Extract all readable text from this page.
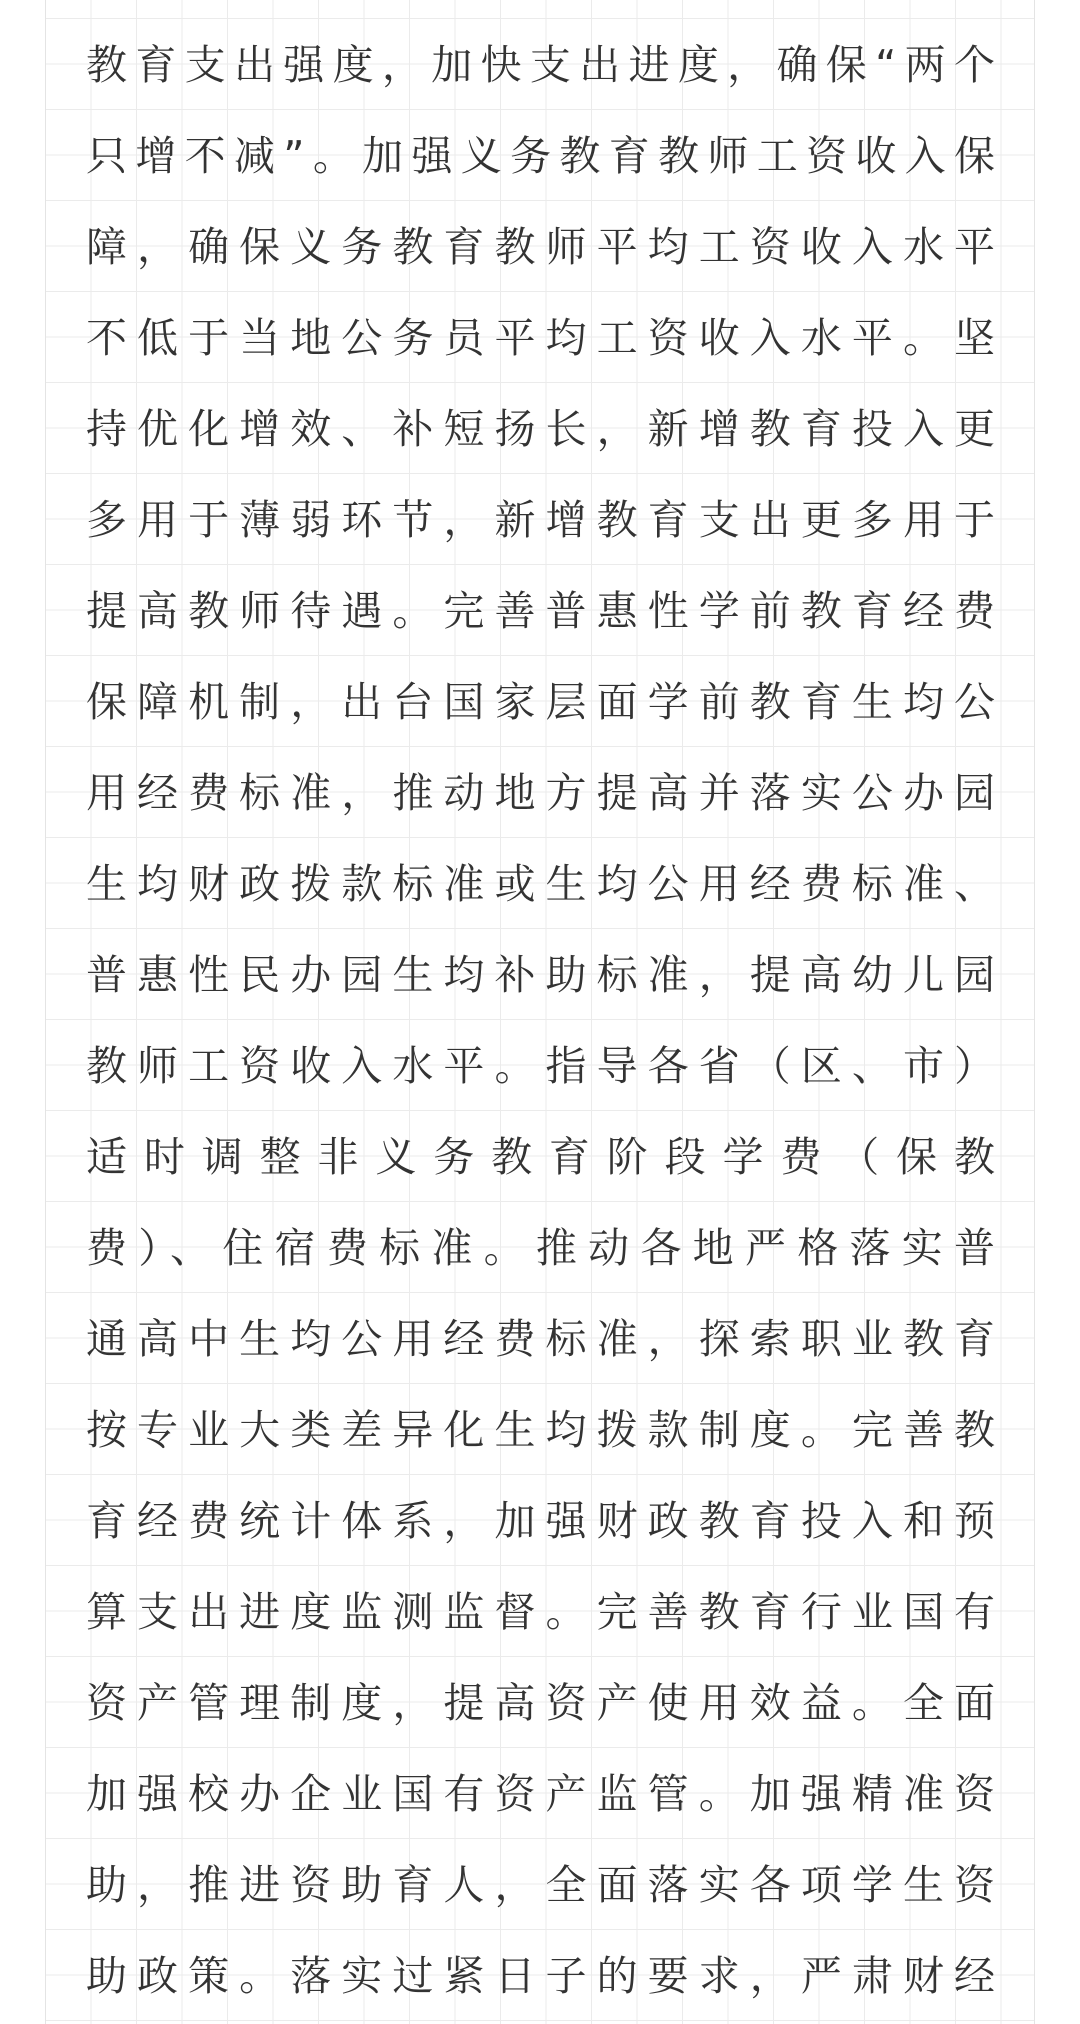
教育支出强度，加快支出进度，确保“两个
只增不减”。加强义务教育教师工资收入保
障，确保义务教育教师平均工资收入水平
不低于当地公务员平均工资收入水平。坚
持优化增效、补短扬长，新增教育投入更
多用于薄弱环节，新增教育支出更多用于
提高教师待遇。完善普惠性学前教育经费
保障机制，出台国家层面学前教育生均公
用经费标准，推动地方提高并落实公办园
生均财政拨款标准或生均公用经费标准、
普惠性民办园生均补助标准，提高幼儿园
教师工资收入水平。指导各省（区、市）
适时调整非义务教育阶段学费（保教
费）、住宿费标准。推动各地严格落实普
通高中生均公用经费标准，探索职业教育
按专业大类差异化生均拨款制度。完善教
育经费统计体系，加强财政教育投入和预
算支出进度监测监督。完善教育行业国有
资产管理制度，提高资产使用效益。全面
加强校办企业国有资产监管。加强精准资
助，推进资助育人，全面落实各项学生资
助政策。落实过紧日子的要求，严肃财经
